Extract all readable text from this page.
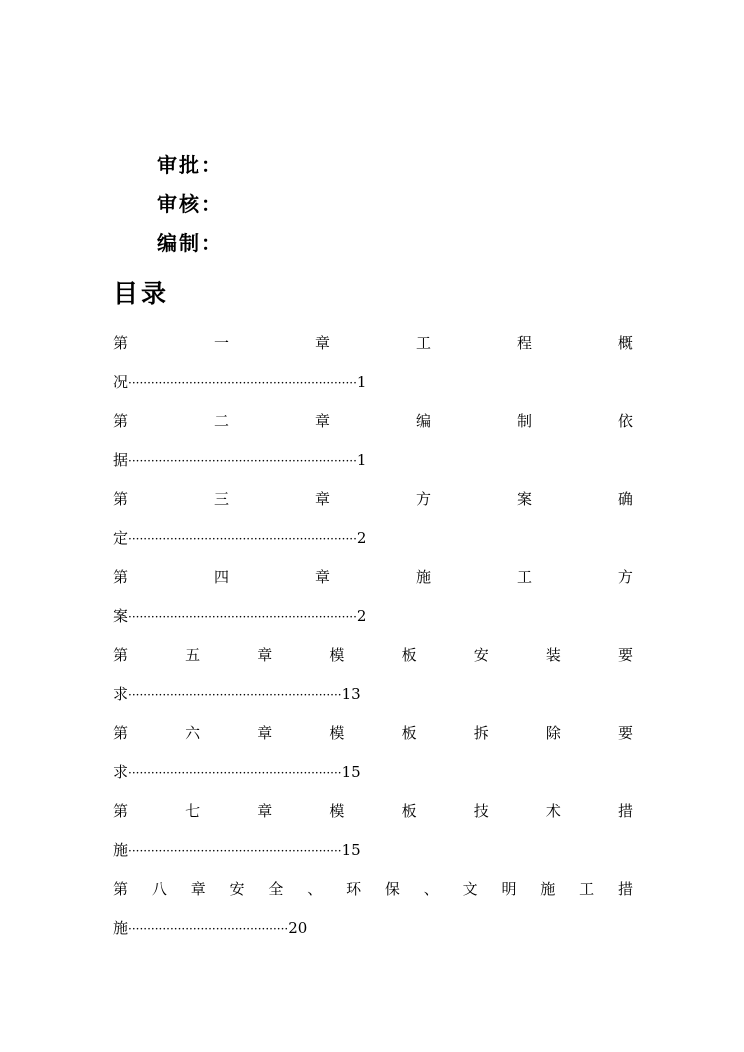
审批：
审核：
编制：
目录
第	一	章	工	程	概
况 ···························································· 1
第	二	章	编	制	依
据 ···························································· 1
第	三	章	方	案	确
定 ···························································· 2
第	四	章	施	工	方
案 ···························································· 2
第	五	章	模	板	安	装	要
求 ························································ 13
第	六	章	模	板	拆	除	要
求 ························································ 15
第	七	章	模	板	技	术	措
施 ························································ 15
第 八 章 安 全 、 环 保 、 文 明 施 工 措
施 ·········································· 20
